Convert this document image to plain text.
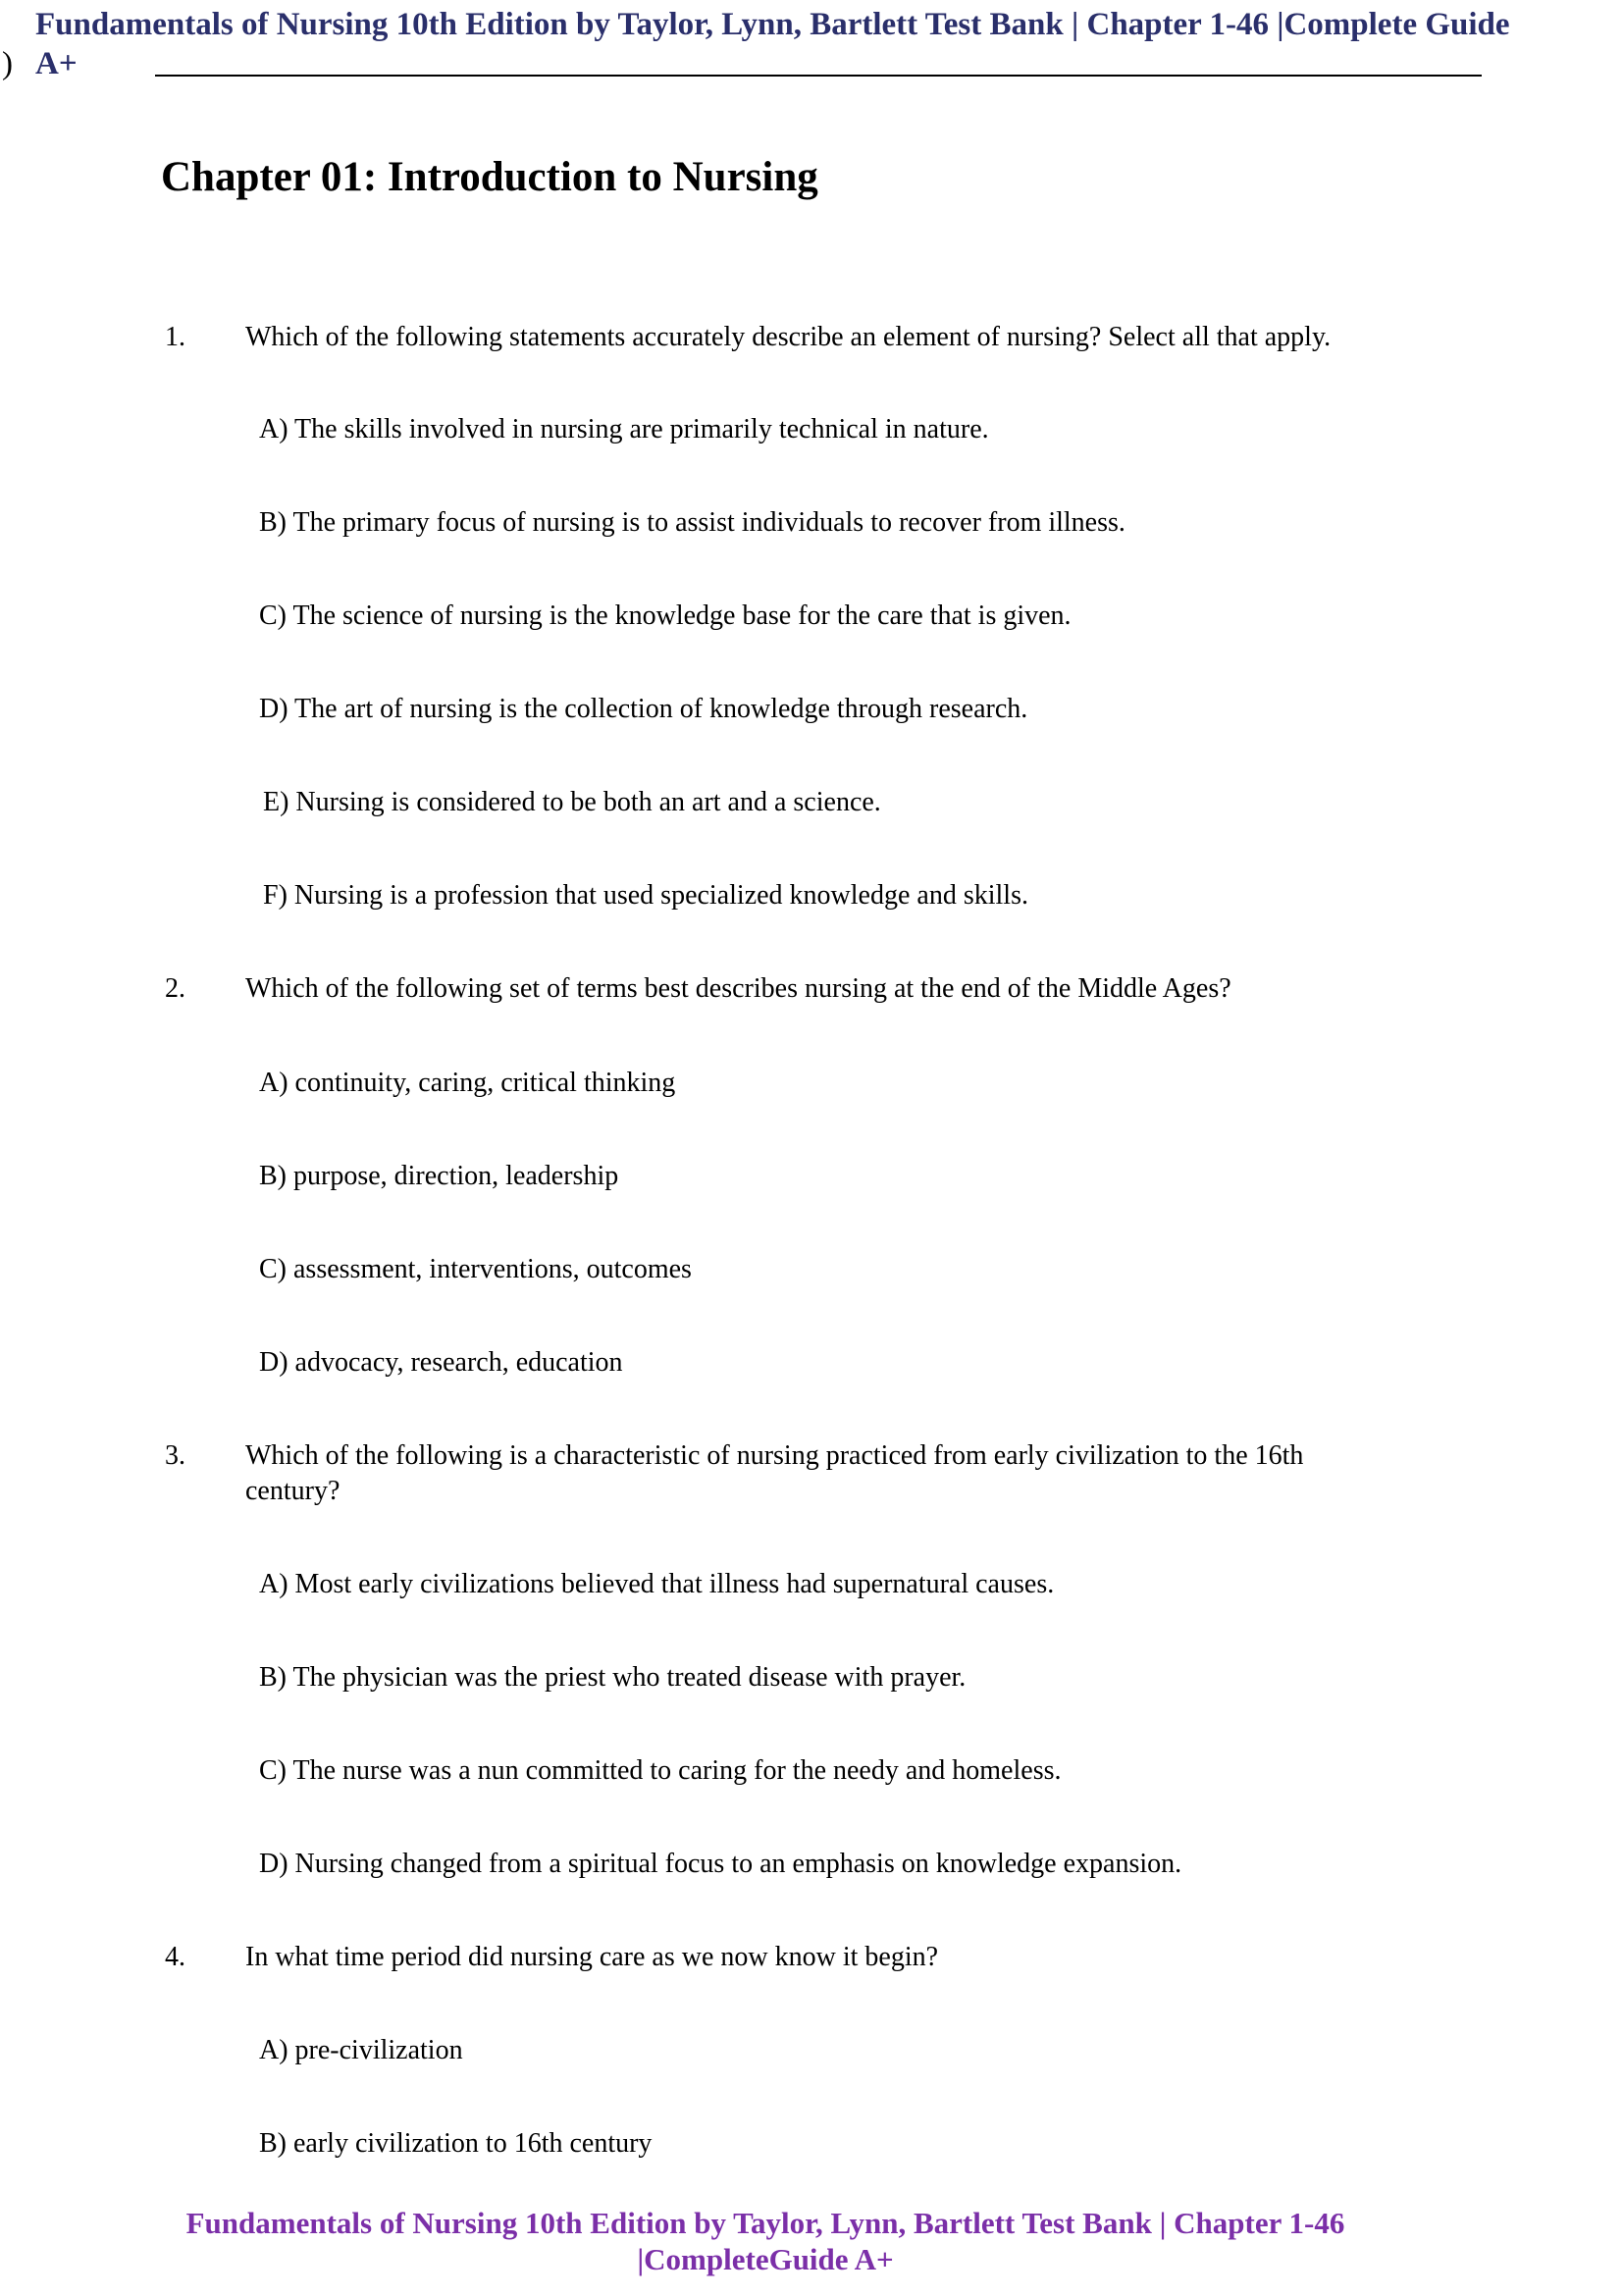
Fundamentals of Nursing 10th Edition by Taylor, Lynn, Bartlett Test Bank | Chapter 1-46 |Complete Guide
) A+
Chapter 01: Introduction to Nursing
1. Which of the following statements accurately describe an element of nursing? Select all that apply.
A) The skills involved in nursing are primarily technical in nature.
B) The primary focus of nursing is to assist individuals to recover from illness.
C) The science of nursing is the knowledge base for the care that is given.
D) The art of nursing is the collection of knowledge through research.
E) Nursing is considered to be both an art and a science.
F) Nursing is a profession that used specialized knowledge and skills.
2. Which of the following set of terms best describes nursing at the end of the Middle Ages?
A) continuity, caring, critical thinking
B) purpose, direction, leadership
C) assessment, interventions, outcomes
D) advocacy, research, education
3. Which of the following is a characteristic of nursing practiced from early civilization to the 16th century?
A) Most early civilizations believed that illness had supernatural causes.
B) The physician was the priest who treated disease with prayer.
C) The nurse was a nun committed to caring for the needy and homeless.
D) Nursing changed from a spiritual focus to an emphasis on knowledge expansion.
4. In what time period did nursing care as we now know it begin?
A) pre-civilization
B) early civilization to 16th century
Fundamentals of Nursing 10th Edition by Taylor, Lynn, Bartlett Test Bank | Chapter 1-46
|CompleteGuide A+
